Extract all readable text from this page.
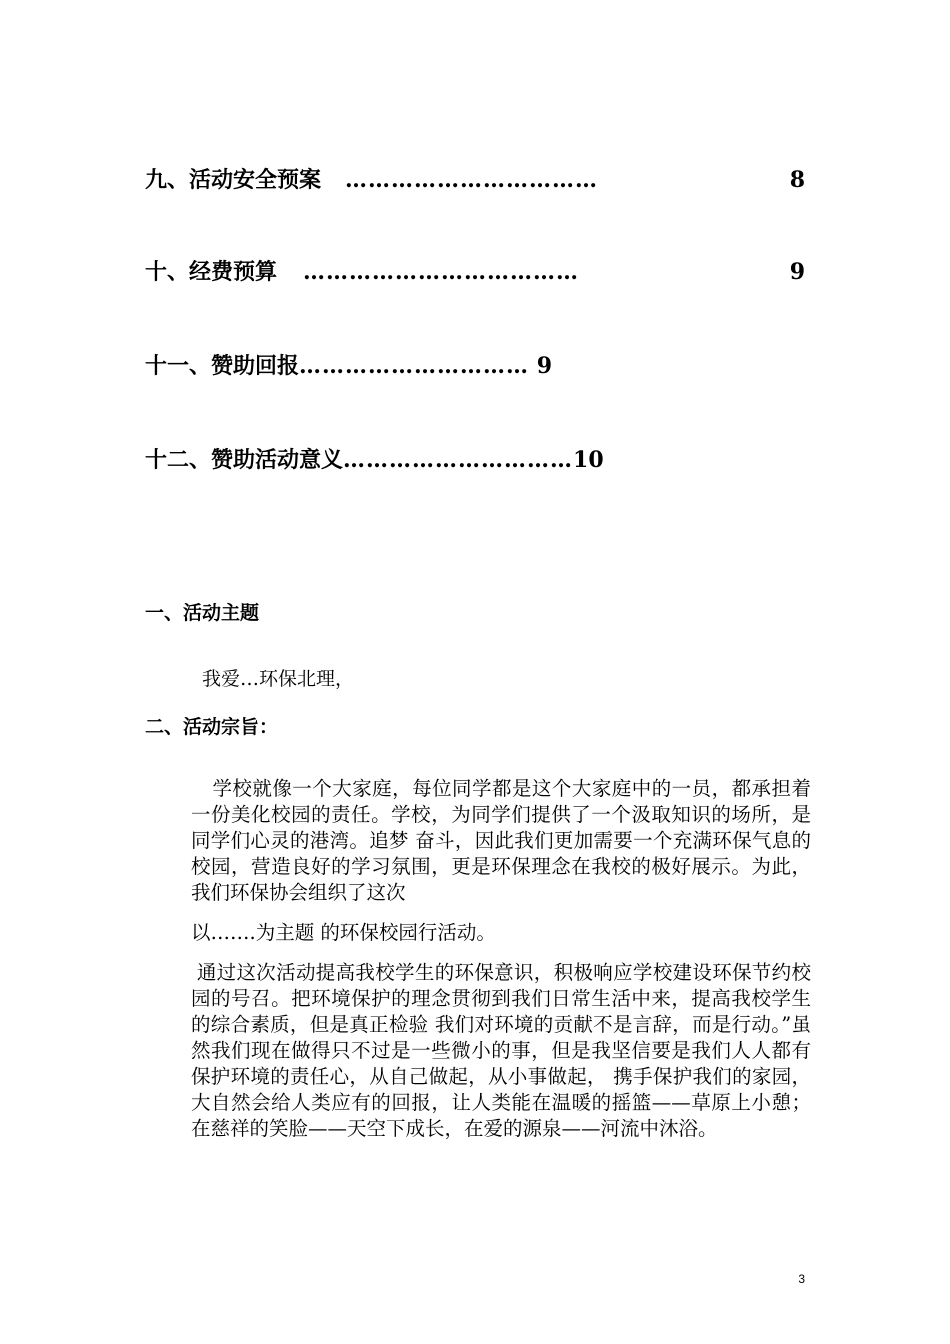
九、活动安全预案 ……………………………	8
十、经费预算 ………………………………	9
十一、赞助回报………………………… 9
十二、赞助活动意义…………………………10
一、活动主题
我爱…环保北理，
二、活动宗旨：
学校就像一个大家庭，每位同学都是这个大家庭中的一员，都承担着一份美化校园的责任。学校，为同学们提供了一个汲取知识的场所，是同学们心灵的港湾。追梦 奋斗，因此我们更加需要一个充满环保气息的校园，营造良好的学习氛围，更是环保理念在我校的极好展示。为此，我们环保协会组织了这次
以…….为主题 的环保校园行活动。
通过这次活动提高我校学生的环保意识，积极响应学校建设环保节约校园的号召。把环境保护的理念贯彻到我们日常生活中来，提高我校学生的综合素质，但是真正检验 我们对环境的贡献不是言辞，而是行动。”虽然我们现在做得只不过是一些微小的事，但是我坚信要是我们人人都有保护环境的责任心，从自己做起，从小事做起， 携手保护我们的家园，大自然会给人类应有的回报，让人类能在温暖的摇篮——草原上小憩；在慈祥的笑脸——天空下成长，在爱的源泉——河流中沐浴。
3
